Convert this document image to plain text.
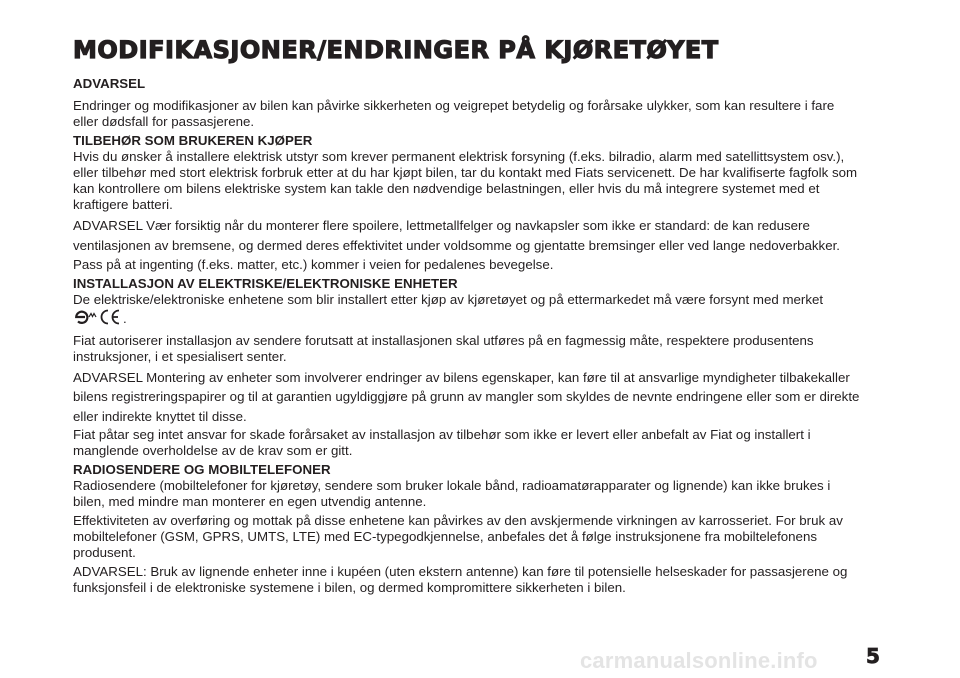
MODIFIKASJONER/ENDRINGER PÅ KJØRETØYET
ADVARSEL

Endringer og modifikasjoner av bilen kan påvirke sikkerheten og veigrepet betydelig og forårsake ulykker, som kan resultere i fare eller dødsfall for passasjerene.

TILBEHØR SOM BRUKEREN KJØPER

Hvis du ønsker å installere elektrisk utstyr som krever permanent elektrisk forsyning (f.eks. bilradio, alarm med satellittsystem osv.), eller tilbehør med stort elektrisk forbruk etter at du har kjøpt bilen, tar du kontakt med Fiats servicenett. De har kvalifiserte fagfolk som kan kontrollere om bilens elektriske system kan takle den nødvendige belastningen, eller hvis du må integrere systemet med et kraftigere batteri.

ADVARSEL Vær forsiktig når du monterer flere spoilere, lettmetallfelger og navkapsler som ikke er standard: de kan redusere ventilasjonen av bremsene, og dermed deres effektivitet under voldsomme og gjentatte bremsinger eller ved lange nedoverbakker. Pass på at ingenting (f.eks. matter, etc.) kommer i veien for pedalenes bevegelse.

INSTALLASJON AV ELEKTRISKE/ELEKTRONISKE ENHETER

De elektriske/elektroniske enhetene som blir installert etter kjøp av kjøretøyet og på ettermarkedet må være forsynt med merket .

Fiat autoriserer installasjon av sendere forutsatt at installasjonen skal utføres på en fagmessig måte, respektere produsentens instruksjoner, i et spesialisert senter.

ADVARSEL Montering av enheter som involverer endringer av bilens egenskaper, kan føre til at ansvarlige myndigheter tilbakekaller bilens registreringspapirer og til at garantien ugyldiggjøre på grunn av mangler som skyldes de nevnte endringene eller som er direkte eller indirekte knyttet til disse.

Fiat påtar seg intet ansvar for skade forårsaket av installasjon av tilbehør som ikke er levert eller anbefalt av Fiat og installert i manglende overholdelse av de krav som er gitt.

RADIOSENDERE OG MOBILTELEFONER

Radiosendere (mobiltelefoner for kjøretøy, sendere som bruker lokale bånd, radioamatørapparater og lignende) kan ikke brukes i bilen, med mindre man monterer en egen utvendig antenne.

Effektiviteten av overføring og mottak på disse enhetene kan påvirkes av den avskjermende virkningen av karrosseriet. For bruk av mobiltelefoner (GSM, GPRS, UMTS, LTE) med EC-typegodkjennelse, anbefales det å følge instruksjonene fra mobiltelefonens produsent.

ADVARSEL: Bruk av lignende enheter inne i kupéen (uten ekstern antenne) kan føre til potensielle helseskader for passasjerene og funksjonsfeil i de elektroniske systemene i bilen, og dermed kompromittere sikkerheten i bilen.

carmanualsonline.info 5
